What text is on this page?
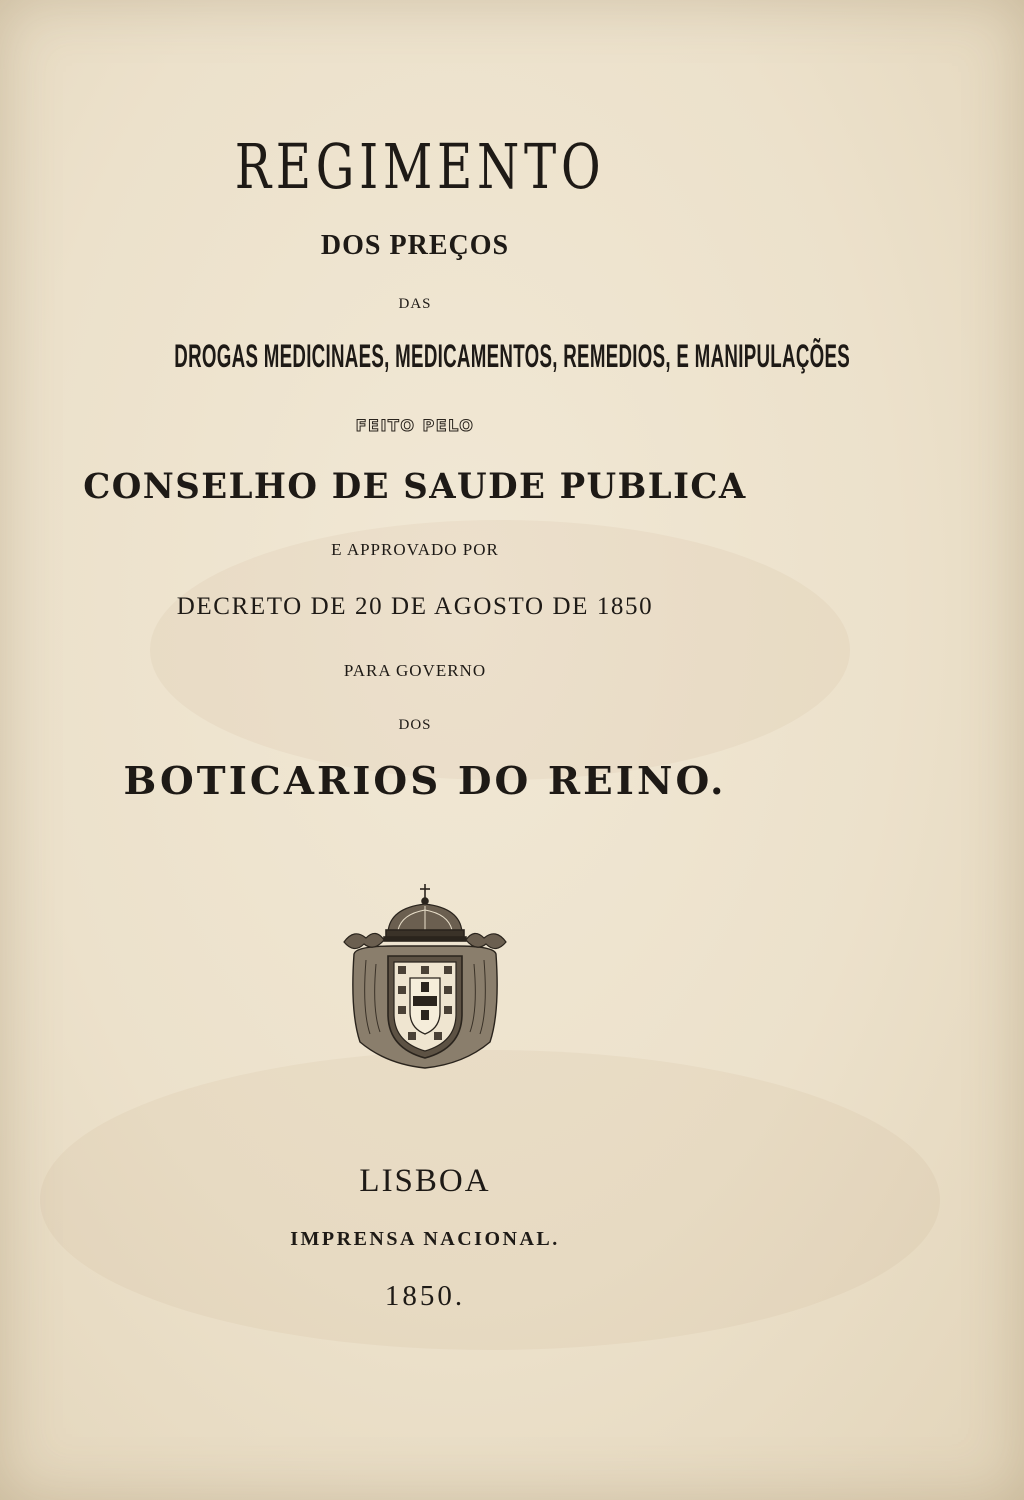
REGIMENTO

DOS PREÇOS

DAS

DROGAS MEDICINAES, MEDICAMENTOS, REMEDIOS, E MANIPULAÇÕES

FEITO PELO

CONSELHO DE SAUDE PUBLICA

E APPROVADO POR

DECRETO DE 20 DE AGOSTO DE 1850

PARA GOVERNO

DOS

BOTICARIOS DO REINO.

LISBOA

IMPRENSA NACIONAL.

1850.
